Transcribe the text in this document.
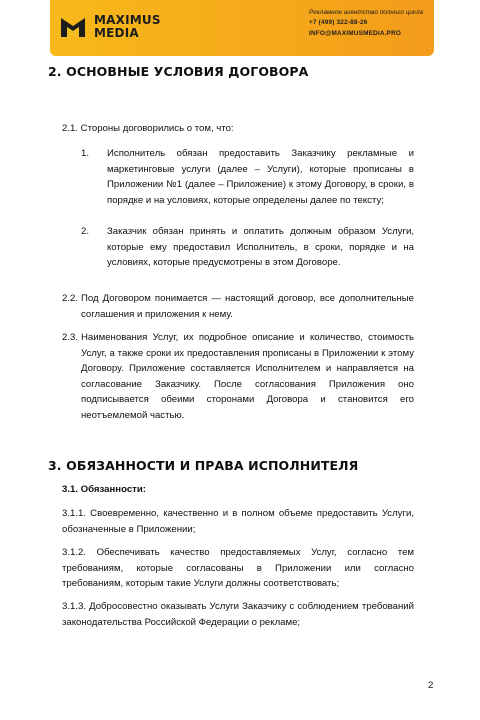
MAXIMUS
MEDIA
Рекламное агентство полного цикла
+7 (499) 322-88-26
INFO@MAXIMUSMEDIA.PRO
2. ОСНОВНЫЕ УСЛОВИЯ ДОГОВОРА
2.1. Стороны договорились о том, что:
1. Исполнитель обязан предоставить Заказчику рекламные и маркетинговые услуги (далее – Услуги), которые прописаны в Приложении №1 (далее – Приложение) к этому Договору, в сроки, в порядке и на условиях, которые определены далее по тексту;
2. Заказчик обязан принять и оплатить должным образом Услуги, которые ему предоставил Исполнитель, в сроки, порядке и на условиях, которые предусмотрены в этом Договоре.
2.2. Под Договором понимается — настоящий договор, все дополнительные соглашения и приложения к нему.
2.3. Наименования Услуг, их подробное описание и количество, стоимость Услуг, а также сроки их предоставления прописаны в Приложении к этому Договору. Приложение составляется Исполнителем и направляется на согласование Заказчику. После согласования Приложения оно подписывается обеими сторонами Договора и становится его неотъемлемой частью.
3. ОБЯЗАННОСТИ И ПРАВА ИСПОЛНИТЕЛЯ
3.1. Обязанности:
3.1.1. Своевременно, качественно и в полном объеме предоставить Услуги, обозначенные в Приложении;
3.1.2. Обеспечивать качество предоставляемых Услуг, согласно тем требованиям, которые согласованы в Приложении или согласно требованиям, которым такие Услуги должны соответствовать;
3.1.3. Добросовестно оказывать Услуги Заказчику с соблюдением требований законодательства Российской Федерации о рекламе;
2
